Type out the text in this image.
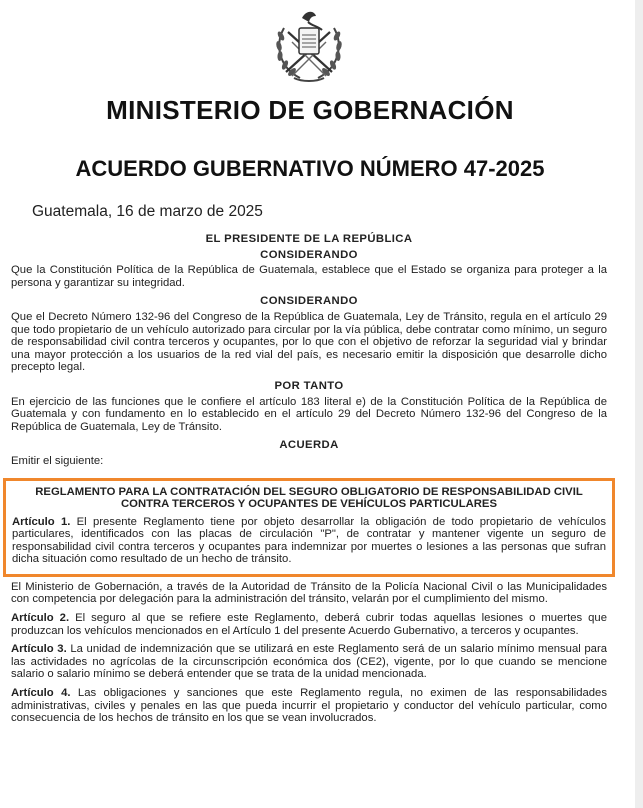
MINISTERIO DE GOBERNACIÓN
ACUERDO GUBERNATIVO NÚMERO 47-2025
Guatemala, 16 de marzo de 2025
EL PRESIDENTE DE LA REPÚBLICA
CONSIDERANDO

Que la Constitución Política de la República de Guatemala, establece que el Estado se organiza para proteger a la persona y garantizar su integridad.

CONSIDERANDO

Que el Decreto Número 132-96 del Congreso de la República de Guatemala, Ley de Tránsito, regula en el artículo 29 que todo propietario de un vehículo autorizado para circular por la vía pública, debe contratar como mínimo, un seguro de responsabilidad civil contra terceros y ocupantes, por lo que con el objetivo de reforzar la seguridad vial y brindar una mayor protección a los usuarios de la red vial del país, es necesario emitir la disposición que desarrolle dicho precepto legal.

POR TANTO

En ejercicio de las funciones que le confiere el artículo 183 literal e) de la Constitución Política de la República de Guatemala y con fundamento en lo establecido en el artículo 29 del Decreto Número 132-96 del Congreso de la República de Guatemala, Ley de Tránsito.

ACUERDA

Emitir el siguiente:

REGLAMENTO PARA LA CONTRATACIÓN DEL SEGURO OBLIGATORIO DE RESPONSABILIDAD CIVIL CONTRA TERCEROS Y OCUPANTES DE VEHÍCULOS PARTICULARES

Artículo 1. El presente Reglamento tiene por objeto desarrollar la obligación de todo propietario de vehículos particulares, identificados con las placas de circulación "P", de contratar y mantener vigente un seguro de responsabilidad civil contra terceros y ocupantes para indemnizar por muertes o lesiones a las personas que sufran dicha situación como resultado de un hecho de tránsito.

El Ministerio de Gobernación, a través de la Autoridad de Tránsito de la Policía Nacional Civil o las Municipalidades con competencia por delegación para la administración del tránsito, velarán por el cumplimiento del mismo.

Artículo 2. El seguro al que se refiere este Reglamento, deberá cubrir todas aquellas lesiones o muertes que produzcan los vehículos mencionados en el Artículo 1 del presente Acuerdo Gubernativo, a terceros y ocupantes.

Artículo 3. La unidad de indemnización que se utilizará en este Reglamento será de un salario mínimo mensual para las actividades no agrícolas de la circunscripción económica dos (CE2), vigente, por lo que cuando se mencione salario o salario mínimo se deberá entender que se trata de la unidad mencionada.

Artículo 4. Las obligaciones y sanciones que este Reglamento regula, no eximen de las responsabilidades administrativas, civiles y penales en las que pueda incurrir el propietario y conductor del vehículo particular, como consecuencia de los hechos de tránsito en los que se vean involucrados.
